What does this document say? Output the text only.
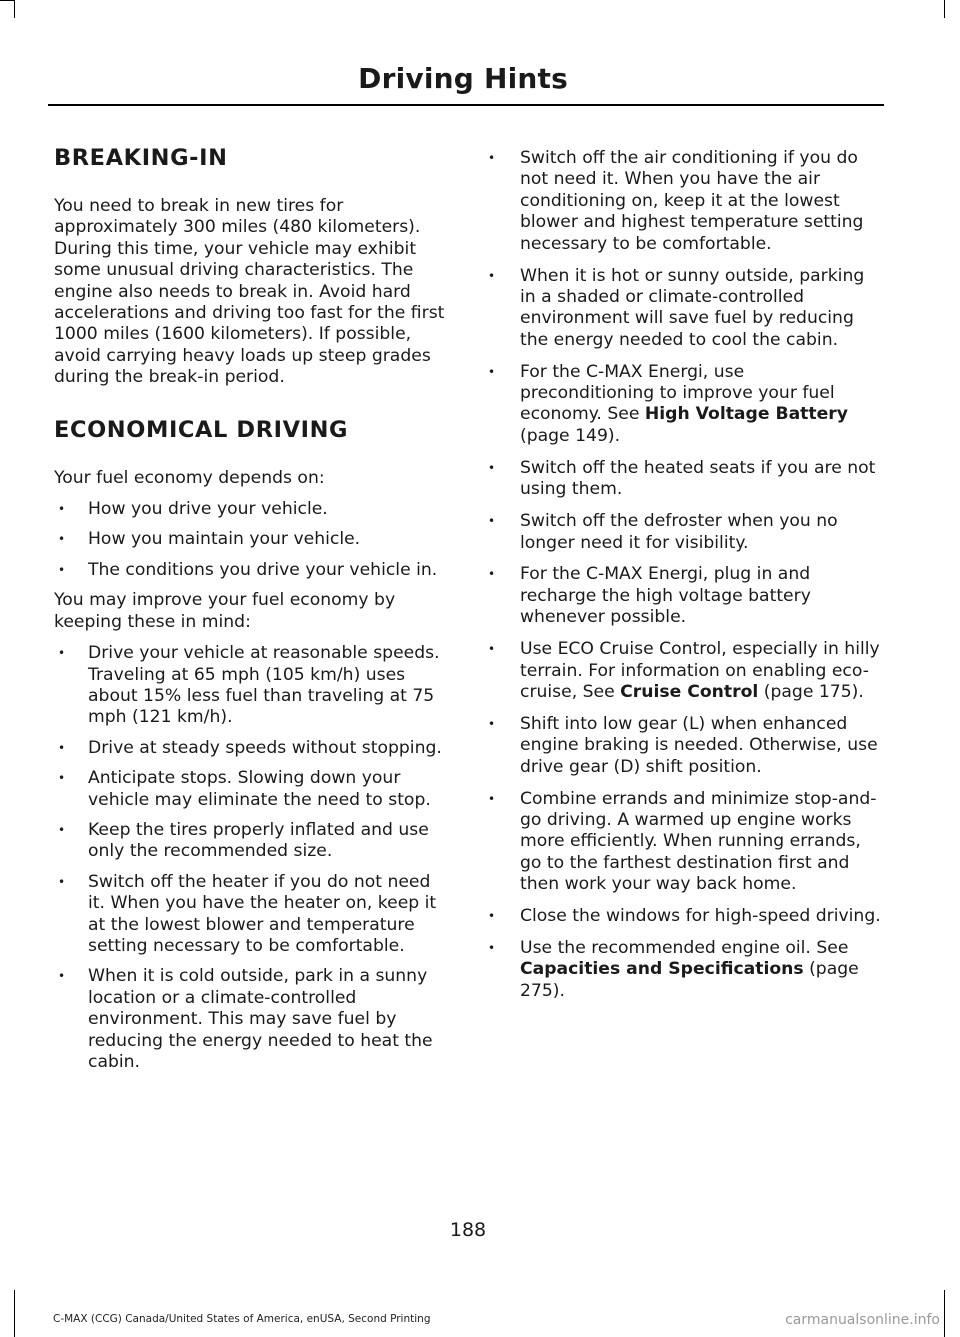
Driving Hints
BREAKING-IN

You need to break in new tires for approximately 300 miles (480 kilometers). During this time, your vehicle may exhibit some unusual driving characteristics. The engine also needs to break in. Avoid hard accelerations and driving too fast for the first 1000 miles (1600 kilometers). If possible, avoid carrying heavy loads up steep grades during the break-in period.

ECONOMICAL DRIVING

Your fuel economy depends on:

• How you drive your vehicle.
• How you maintain your vehicle.
• The conditions you drive your vehicle in.

You may improve your fuel economy by keeping these in mind:

• Drive your vehicle at reasonable speeds. Traveling at 65 mph (105 km/h) uses about 15% less fuel than traveling at 75 mph (121 km/h).
• Drive at steady speeds without stopping.
• Anticipate stops. Slowing down your vehicle may eliminate the need to stop.
• Keep the tires properly inflated and use only the recommended size.
• Switch off the heater if you do not need it. When you have the heater on, keep it at the lowest blower and temperature setting necessary to be comfortable.
• When it is cold outside, park in a sunny location or a climate-controlled environment. This may save fuel by reducing the energy needed to heat the cabin.
• Switch off the air conditioning if you do not need it. When you have the air conditioning on, keep it at the lowest blower and highest temperature setting necessary to be comfortable.
• When it is hot or sunny outside, parking in a shaded or climate-controlled environment will save fuel by reducing the energy needed to cool the cabin.
• For the C-MAX Energi, use preconditioning to improve your fuel economy. See High Voltage Battery (page 149).
• Switch off the heated seats if you are not using them.
• Switch off the defroster when you no longer need it for visibility.
• For the C-MAX Energi, plug in and recharge the high voltage battery whenever possible.
• Use ECO Cruise Control, especially in hilly terrain. For information on enabling eco-cruise, See Cruise Control (page 175).
• Shift into low gear (L) when enhanced engine braking is needed. Otherwise, use drive gear (D) shift position.
• Combine errands and minimize stop-and-go driving. A warmed up engine works more efficiently. When running errands, go to the farthest destination first and then work your way back home.
• Close the windows for high-speed driving.
• Use the recommended engine oil. See Capacities and Specifications (page 275).
188
C-MAX (CCG) Canada/United States of America, enUSA, Second Printing	carmanualsonline.info
